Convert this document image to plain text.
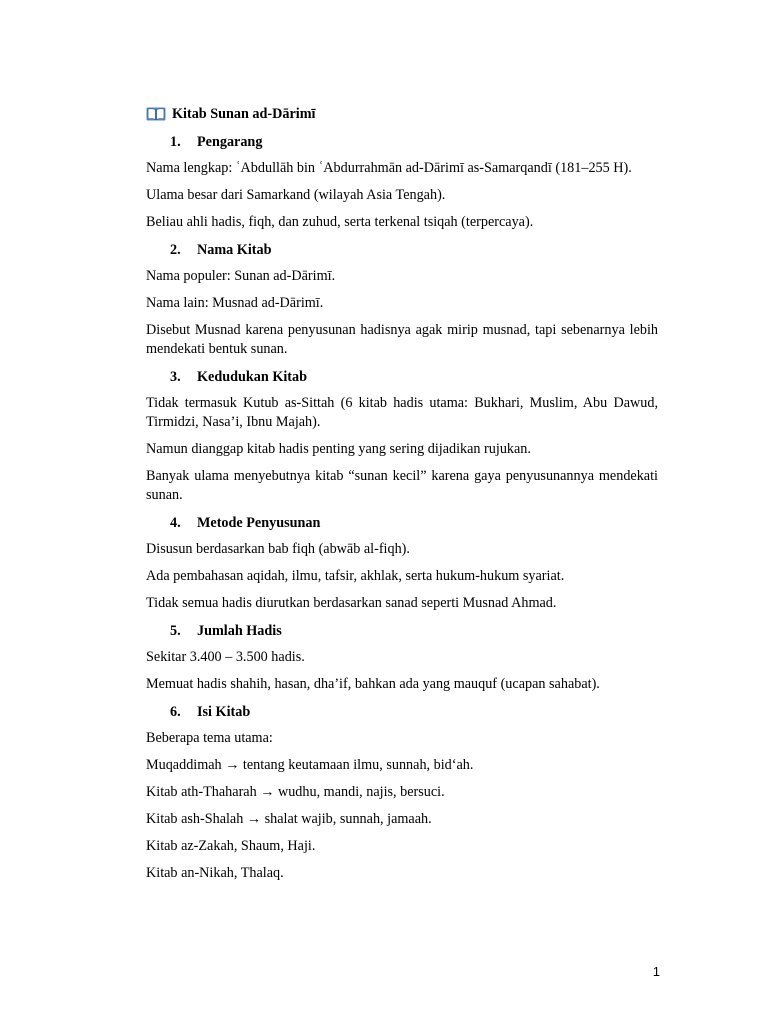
Kitab Sunan ad-Dārimī
1.	Pengarang

Nama lengkap: ʿAbdullāh bin ʿAbdurrahmān ad-Dārimī as-Samarqandī (181–255 H).

Ulama besar dari Samarkand (wilayah Asia Tengah).

Beliau ahli hadis, fiqh, dan zuhud, serta terkenal tsiqah (terpercaya).

2.	Nama Kitab

Nama populer: Sunan ad-Dārimī.

Nama lain: Musnad ad-Dārimī.

Disebut Musnad karena penyusunan hadisnya agak mirip musnad, tapi sebenarnya lebih mendekati bentuk sunan.

3.	Kedudukan Kitab

Tidak termasuk Kutub as-Sittah (6 kitab hadis utama: Bukhari, Muslim, Abu Dawud, Tirmidzi, Nasa’i, Ibnu Majah).

Namun dianggap kitab hadis penting yang sering dijadikan rujukan.

Banyak ulama menyebutnya kitab “sunan kecil” karena gaya penyusunannya mendekati sunan.

4.	Metode Penyusunan

Disusun berdasarkan bab fiqh (abwāb al-fiqh).

Ada pembahasan aqidah, ilmu, tafsir, akhlak, serta hukum-hukum syariat.

Tidak semua hadis diurutkan berdasarkan sanad seperti Musnad Ahmad.

5.	Jumlah Hadis

Sekitar 3.400 – 3.500 hadis.

Memuat hadis shahih, hasan, dha’if, bahkan ada yang mauquf (ucapan sahabat).

6.	Isi Kitab

Beberapa tema utama:

Muqaddimah → tentang keutamaan ilmu, sunnah, bid‘ah.

Kitab ath-Thaharah → wudhu, mandi, najis, bersuci.

Kitab ash-Shalah → shalat wajib, sunnah, jamaah.

Kitab az-Zakah, Shaum, Haji.

Kitab an-Nikah, Thalaq.

1
